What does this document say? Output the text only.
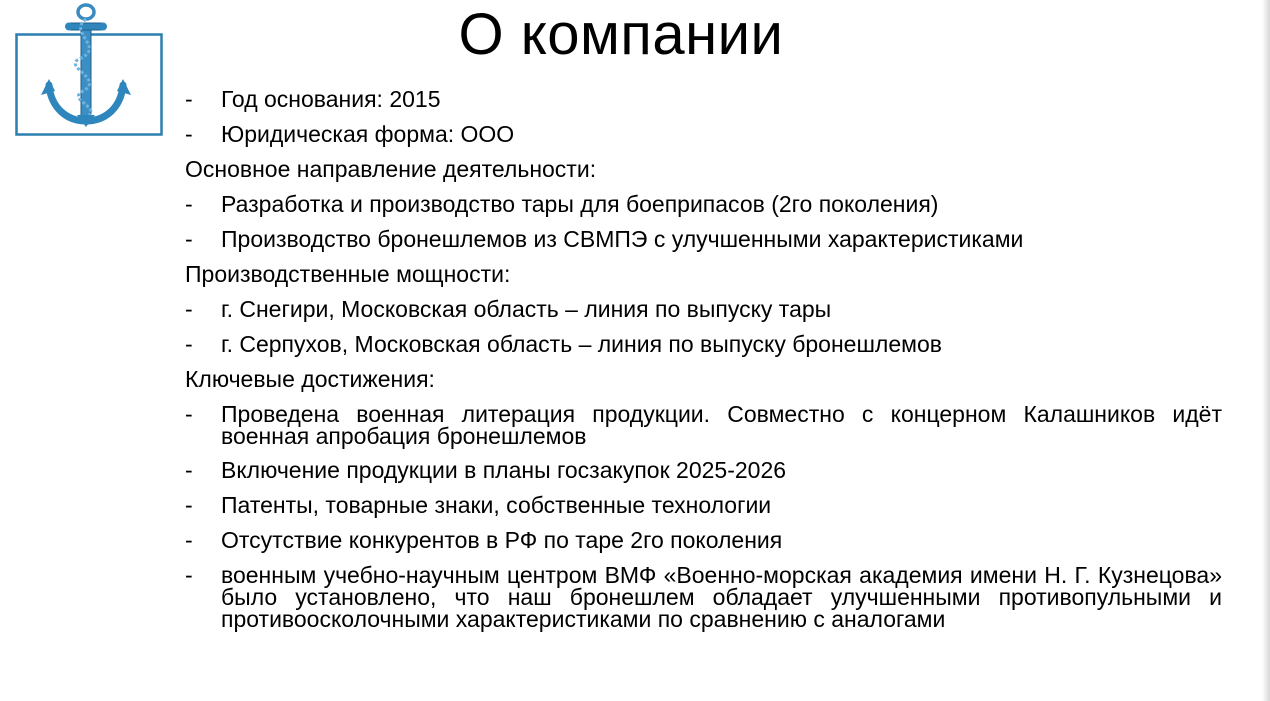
О компании
-	Год основания: 2015
-	Юридическая форма: ООО
Основное направление деятельности:
-	Разработка и производство тары для боеприпасов (2го поколения)
-	Производство бронешлемов из СВМПЭ с улучшенными характеристиками
Производственные мощности:
-	г. Снегири, Московская область – линия по выпуску тары
-	г. Серпухов, Московская область – линия по выпуску бронешлемов
Ключевые достижения:
-	Проведена военная литерация продукции. Совместно с концерном Калашников идёт военная апробация бронешлемов
-	Включение продукции в планы госзакупок 2025-2026
-	Патенты, товарные знаки, собственные технологии
-	Отсутствие конкурентов в РФ по таре 2го поколения
-	военным учебно-научным центром ВМФ «Военно-морская академия имени Н. Г. Кузнецова» было установлено, что наш бронешлем обладает улучшенными противопульными и противоосколочными характеристиками по сравнению с аналогами
